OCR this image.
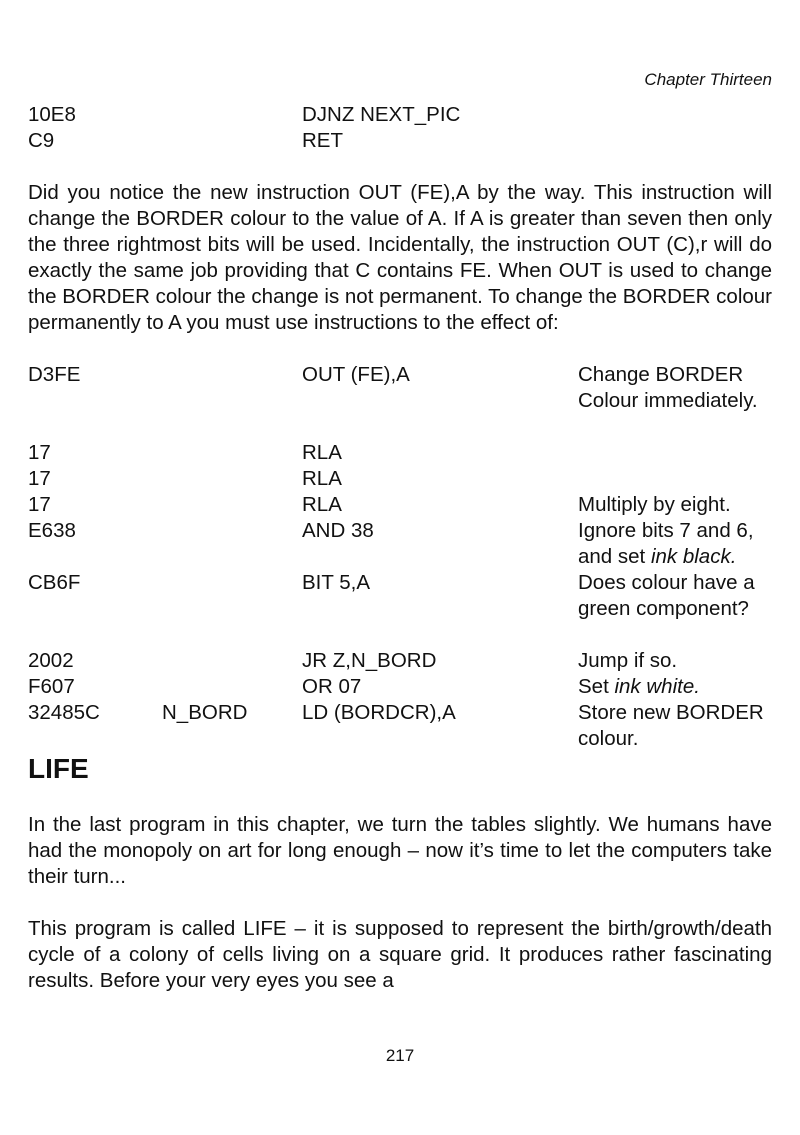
Chapter Thirteen
10E8	DJNZ NEXT_PIC
C9	RET

Did you notice the new instruction OUT (FE),A by the way. This instruction will change the BORDER colour to the value of A. If A is greater than seven then only the three rightmost bits will be used. Incidentally, the instruction OUT (C),r will do exactly the same job providing that C contains FE. When OUT is used to change the BORDER colour the change is not permanent. To change the BORDER colour permanently to A you must use instructions to the effect of:

D3FE	OUT (FE),A	Change BORDER Colour immediately.
17	RLA
17	RLA
17	RLA	Multiply by eight.
E638	AND 38	Ignore bits 7 and 6, and set ink black.
CB6F	BIT 5,A	Does colour have a green component?
2002	JR Z,N_BORD	Jump if so.
F607	OR 07	Set ink white.
32485C	N_BORD	LD (BORDCR),A	Store new BORDER colour.
LIFE

In the last program in this chapter, we turn the tables slightly. We humans have had the monopoly on art for long enough – now it’s time to let the computers take their turn...

This program is called LIFE – it is supposed to represent the birth/growth/death cycle of a colony of cells living on a square grid. It produces rather fascinating results. Before your very eyes you see a

217
